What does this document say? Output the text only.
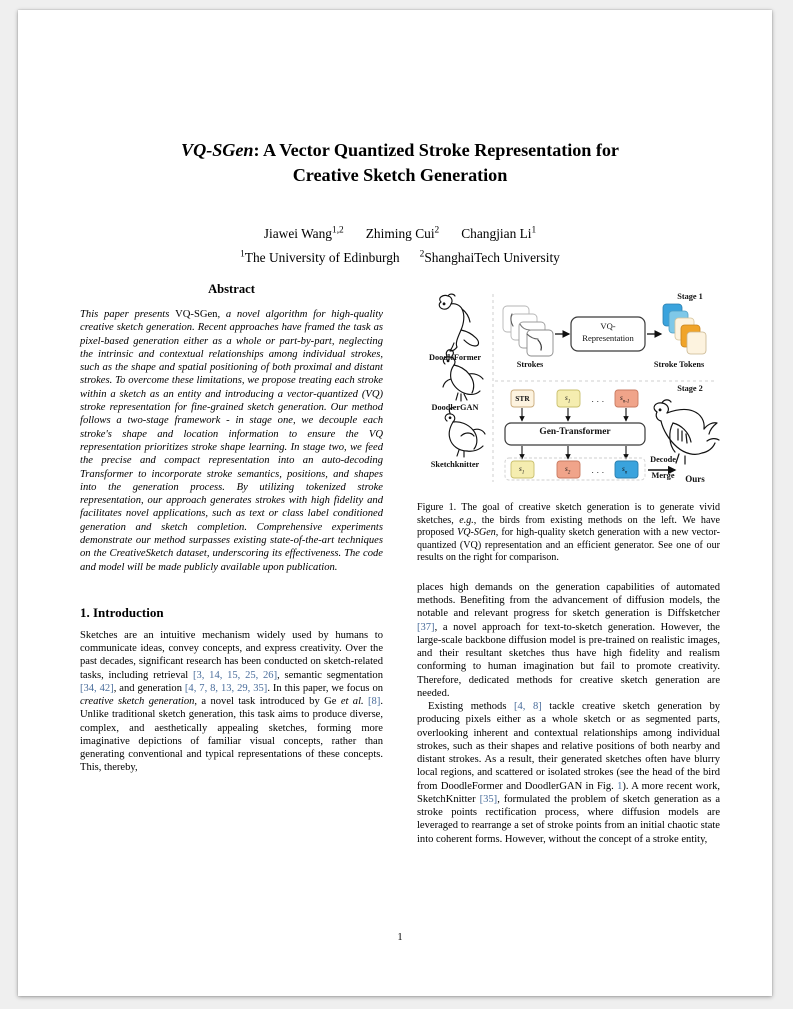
VQ-SGen: A Vector Quantized Stroke Representation for
Creative Sketch Generation
Jiawei Wang$^{1,2}$ Zhiming Cui$^2$ Changjian Li$^1$
$^1$The University of Edinburgh $^2$ShanghaiTech University
Abstract

This paper presents VQ-SGen, a novel algorithm for high-quality creative sketch generation. Recent approaches have framed the task as pixel-based generation either as a whole or part-by-part, neglecting the intrinsic and contextual relationships among individual strokes, such as the shape and spatial positioning of both proximal and distant strokes. To overcome these limitations, we propose treating each stroke within a sketch as an entity and introducing a vector-quantized (VQ) stroke representation for fine-grained sketch generation. Our method follows a two-stage framework - in stage one, we decouple each stroke's shape and location information to ensure the VQ representation prioritizes stroke shape learning. In stage two, we feed the precise and compact representation into an auto-decoding Transformer to incorporate stroke semantics, positions, and shapes into the generation process. By utilizing tokenized stroke representation, our approach generates strokes with high fidelity and facilitates novel applications, such as text or class label conditioned generation and sketch completion. Comprehensive experiments demonstrate our method surpasses existing state-of-the-art techniques on the CreativeSketch dataset, underscoring its effectiveness. The code and model will be made publicly available upon publication.

1. Introduction

Sketches are an intuitive mechanism widely used by humans to communicate ideas, convey concepts, and express creativity. Over the past decades, significant research has been conducted on sketch-related tasks, including retrieval [3, 14, 15, 25, 26], semantic segmentation [34, 42], and generation [4, 7, 8, 13, 29, 35]. In this paper, we focus on creative sketch generation, a novel task introduced by Ge et al. [8]. Unlike traditional sketch generation, this task aims to produce diverse, complex, and aesthetically appealing sketches, forming more imaginative depictions of familiar visual concepts, rather than generating conventional and typical representations of these concepts. This, thereby,

DoodleFormer
DoodlerGAN
Sketchknitter
Stage 1
Stage 2
Strokes	Stroke Tokens
VQ-
Representation
Gen-Transformer
STR	$s_1$	$s_{n-1}$
. . .
$s_1$	$s_2$	$s_n$
. . .
Decode
Merge	Ours

Figure 1. The goal of creative sketch generation is to generate vivid sketches, e.g., the birds from existing methods on the left. We have proposed VQ-SGen, for high-quality sketch generation with a new vector-quantized (VQ) representation and an efficient generator. See one of our results on the right for comparison.

places high demands on the generation capabilities of automated methods. Benefiting from the advancement of diffusion models, the notable and relevant progress for sketch generation is Diffsketcher [37], a novel approach for text-to-sketch generation. However, the large-scale backbone diffusion model is pre-trained on realistic images, and their resultant sketches thus have high fidelity and realism conforming to human imagination but fail to promote creativity. Therefore, dedicated methods for creative sketch generation are needed.

Existing methods [4, 8] tackle creative sketch generation by producing pixels either as a whole sketch or as segmented parts, overlooking inherent and contextual relationships among individual strokes, such as their shapes and relative positions of both nearby and distant strokes. As a result, their generated sketches often have blurry local regions, and scattered or isolated strokes (see the head of the bird from DoodleFormer and DoodlerGAN in Fig. 1). A more recent work, SketchKnitter [35], formulated the problem of sketch generation as a stroke points rectification process, where diffusion models are leveraged to rearrange a set of stroke points from an initial chaotic state into coherent forms. However, without the concept of a stroke entity,

1
